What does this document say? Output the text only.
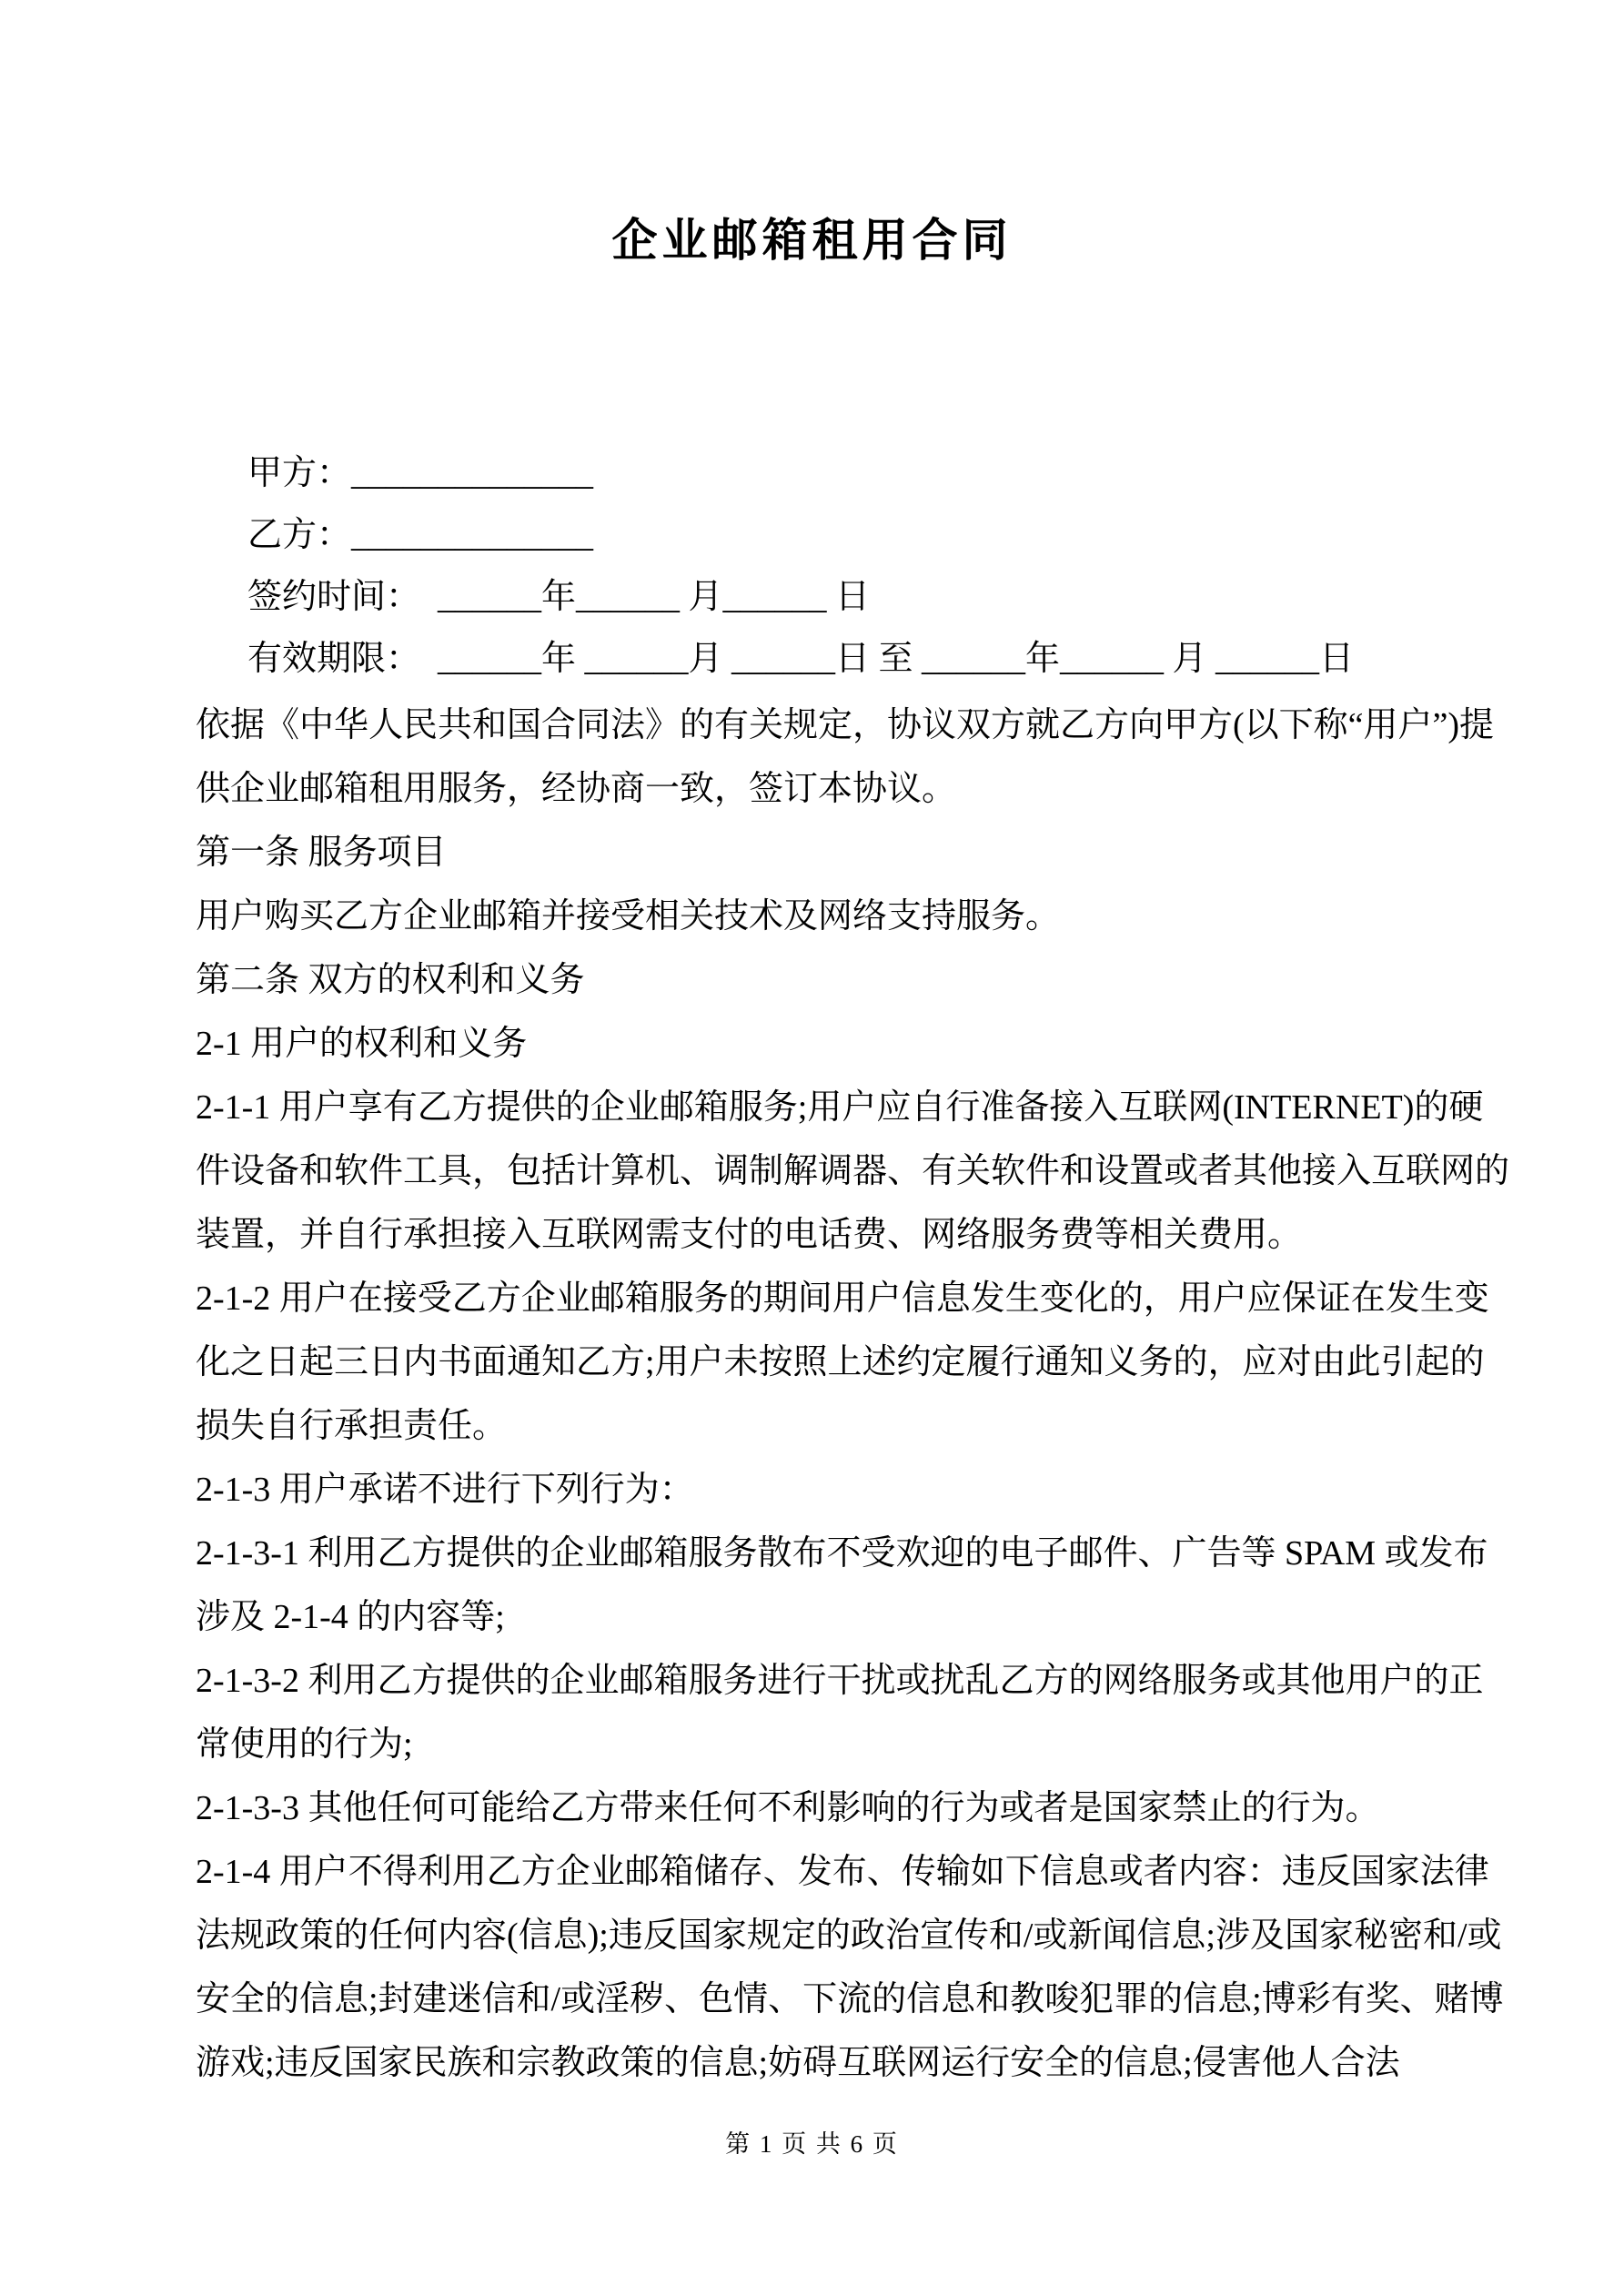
企业邮箱租用合同

甲方：______________

乙方：______________

签约时间：  ______年______ 月______ 日

有效期限：  ______年 ______月 ______日 至 ______年______ 月 ______日

依据《中华人民共和国合同法》的有关规定，协议双方就乙方向甲方(以下称“用户”)提供企业邮箱租用服务，经协商一致，签订本协议。

第一条 服务项目

用户购买乙方企业邮箱并接受相关技术及网络支持服务。

第二条 双方的权利和义务

2-1 用户的权利和义务

2-1-1 用户享有乙方提供的企业邮箱服务;用户应自行准备接入互联网(INTERNET)的硬件设备和软件工具，包括计算机、调制解调器、有关软件和设置或者其他接入互联网的装置，并自行承担接入互联网需支付的电话费、网络服务费等相关费用。

2-1-2 用户在接受乙方企业邮箱服务的期间用户信息发生变化的，用户应保证在发生变化之日起三日内书面通知乙方;用户未按照上述约定履行通知义务的，应对由此引起的损失自行承担责任。

2-1-3 用户承诺不进行下列行为：

2-1-3-1 利用乙方提供的企业邮箱服务散布不受欢迎的电子邮件、广告等 SPAM 或发布涉及 2-1-4 的内容等;

2-1-3-2 利用乙方提供的企业邮箱服务进行干扰或扰乱乙方的网络服务或其他用户的正常使用的行为;

2-1-3-3 其他任何可能给乙方带来任何不利影响的行为或者是国家禁止的行为。

2-1-4 用户不得利用乙方企业邮箱储存、发布、传输如下信息或者内容：违反国家法律法规政策的任何内容(信息);违反国家规定的政治宣传和/或新闻信息;涉及国家秘密和/或安全的信息;封建迷信和/或淫秽、色情、下流的信息和教唆犯罪的信息;博彩有奖、赌博游戏;违反国家民族和宗教政策的信息;妨碍互联网运行安全的信息;侵害他人合法

第 1 页 共 6 页
